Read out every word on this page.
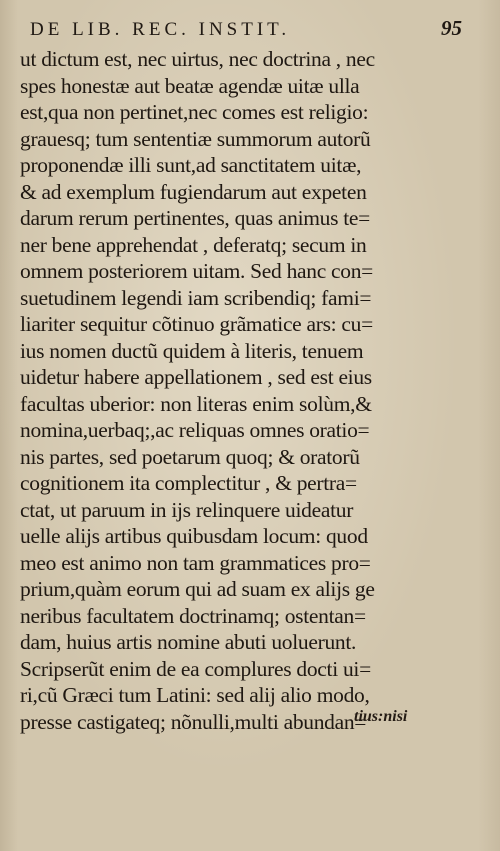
DE LIB. REC. INSTIT.	95
ut dictum est, nec uirtus, nec doctrina , nec
spes honestæ aut beatæ agendæ uitæ ulla
est,qua non pertinet,nec comes est religio:
grauesq; tum sententiæ summorum autorũ
proponendæ illi sunt,ad sanctitatem uitæ,
& ad exemplum fugiendarum aut expeten
darum rerum pertinentes, quas animus te=
ner bene apprehendat , deferatq; secum in
omnem posteriorem uitam. Sed hanc con=
suetudinem legendi iam scribendiq; fami=
liariter sequitur cõtinuo grãmatice ars: cu=
ius nomen ductũ quidem à literis, tenuem
uidetur habere appellationem , sed est eius
facultas uberior: non literas enim solùm,&
nomina,uerbaq;,ac reliquas omnes oratio=
nis partes, sed poetarum quoq; & oratorũ
cognitionem ita complectitur , & pertra=
ctat, ut paruum in ijs relinquere uideatur
uelle alijs artibus quibusdam locum: quod
meo est animo non tam grammatices pro=
prium,quàm eorum qui ad suam ex alijs ge
neribus facultatem doctrinamq; ostentan=
dam, huius artis nomine abuti uoluerunt.
Scripserũt enim de ea complures docti ui=
ri,cũ Græci tum Latini: sed alij alio modo,
presse castigateq; nõnulli,multi abundan=
tius:nisi
